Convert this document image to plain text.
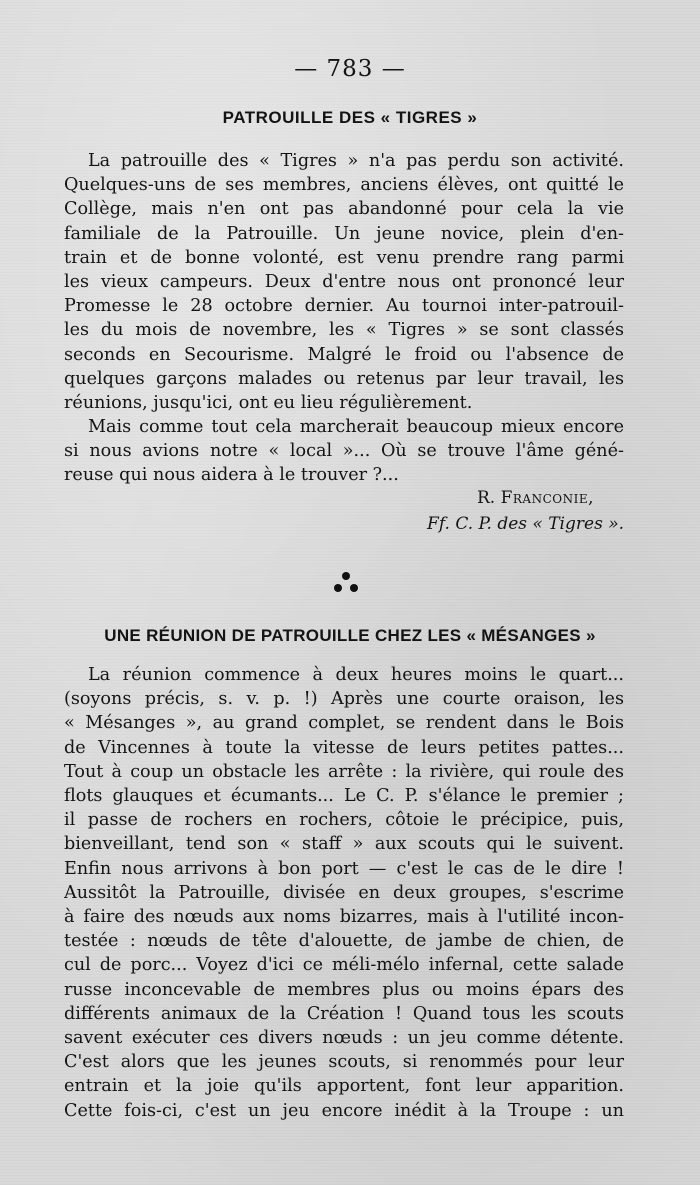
— 783 —
PATROUILLE DES « TIGRES »
La patrouille des « Tigres » n'a pas perdu son activité.
Quelques-uns de ses membres, anciens élèves, ont quitté le
Collège, mais n'en ont pas abandonné pour cela la vie
familiale de la Patrouille. Un jeune novice, plein d'en-
train et de bonne volonté, est venu prendre rang parmi
les vieux campeurs. Deux d'entre nous ont prononcé leur
Promesse le 28 octobre dernier. Au tournoi inter-patrouil-
les du mois de novembre, les « Tigres » se sont classés
seconds en Secourisme. Malgré le froid ou l'absence de
quelques garçons malades ou retenus par leur travail, les
réunions, jusqu'ici, ont eu lieu régulièrement.
Mais comme tout cela marcherait beaucoup mieux encore
si nous avions notre « local »... Où se trouve l'âme géné-
reuse qui nous aidera à le trouver ?...
R. Franconie,
Ff. C. P. des « Tigres ».
UNE RÉUNION DE PATROUILLE CHEZ LES « MÉSANGES »
La réunion commence à deux heures moins le quart...
(soyons précis, s. v. p. !) Après une courte oraison, les
« Mésanges », au grand complet, se rendent dans le Bois
de Vincennes à toute la vitesse de leurs petites pattes...
Tout à coup un obstacle les arrête : la rivière, qui roule des
flots glauques et écumants... Le C. P. s'élance le premier ;
il passe de rochers en rochers, côtoie le précipice, puis,
bienveillant, tend son « staff » aux scouts qui le suivent.
Enfin nous arrivons à bon port — c'est le cas de le dire !
Aussitôt la Patrouille, divisée en deux groupes, s'escrime
à faire des nœuds aux noms bizarres, mais à l'utilité incon-
testée : nœuds de tête d'alouette, de jambe de chien, de
cul de porc... Voyez d'ici ce méli-mélo infernal, cette salade
russe inconcevable de membres plus ou moins épars des
différents animaux de la Création ! Quand tous les scouts
savent exécuter ces divers nœuds : un jeu comme détente.
C'est alors que les jeunes scouts, si renommés pour leur
entrain et la joie qu'ils apportent, font leur apparition.
Cette fois-ci, c'est un jeu encore inédit à la Troupe : un
